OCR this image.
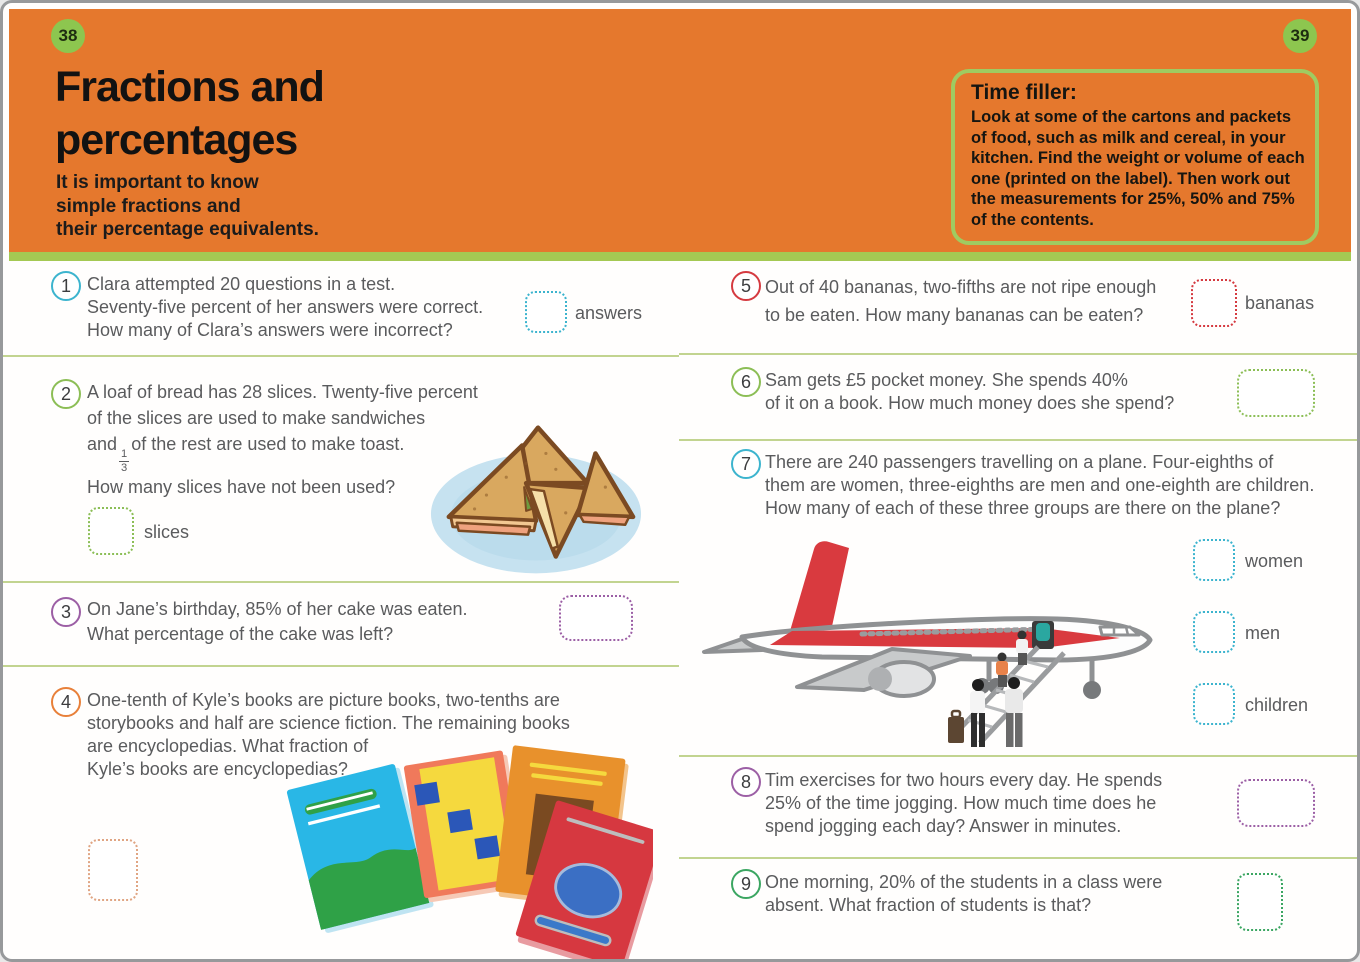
38	39
Fractions and
percentages
It is important to know
simple fractions and
their percentage equivalents.
Time filler:
Look at some of the cartons and packets
of food, such as milk and cereal, in your
kitchen. Find the weight or volume of each
one (printed on the label). Then work out
the measurements for 25%, 50% and 75%
of the contents.
1 Clara attempted 20 questions in a test.
Seventy-five percent of her answers were correct.
How many of Clara’s answers were incorrect?
answers
2 A loaf of bread has 28 slices. Twenty-five percent
of the slices are used to make sandwiches
and
$\frac{1}{3}$
of the rest are used to make toast.
How many slices have not been used?
slices
3 On Jane’s birthday, 85% of her cake was eaten.
What percentage of the cake was left?
4 One-tenth of Kyle’s books are picture books, two-tenths are
storybooks and half are science fiction. The remaining books
are encyclopedias. What fraction of
Kyle’s books are encyclopedias?
5 Out of 40 bananas, two-fifths are not ripe enough
to be eaten. How many bananas can be eaten?
bananas
6 Sam gets £5 pocket money. She spends 40%
of it on a book. How much money does she spend?
7 There are 240 passengers travelling on a plane. Four-eighths of
them are women, three-eighths are men and one-eighth are children.
How many of each of these three groups are there on the plane?
women
men
children
8 Tim exercises for two hours every day. He spends
25% of the time jogging. How much time does he
spend jogging each day? Answer in minutes.
9 One morning, 20% of the students in a class were
absent. What fraction of students is that?
